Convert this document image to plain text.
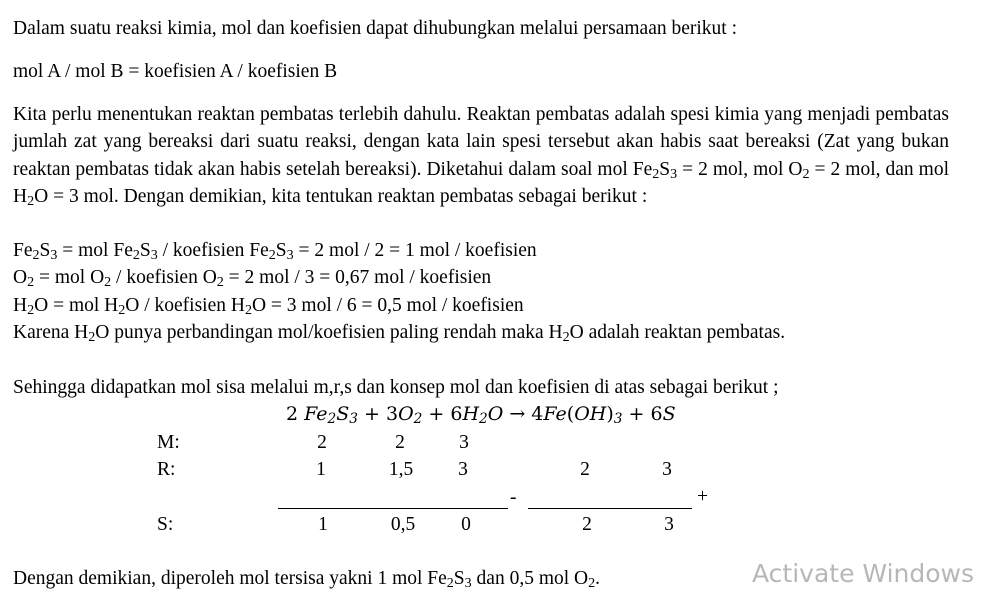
Dalam suatu reaksi kimia, mol dan koefisien dapat dihubungkan melalui persamaan berikut :
mol A / mol B = koefisien A / koefisien B
Kita perlu menentukan reaktan pembatas terlebih dahulu. Reaktan pembatas adalah spesi kimia yang menjadi pembatas jumlah zat yang bereaksi dari suatu reaksi, dengan kata lain spesi tersebut akan habis saat bereaksi (Zat yang bukan reaktan pembatas tidak akan habis setelah bereaksi). Diketahui dalam soal mol $Fe_2S_3 = 2$ mol, mol $O_2 = 2$ mol, dan mol $H_2O = 3$ mol. Dengan demikian, kita tentukan reaktan pembatas sebagai berikut :
$Fe_2S_3$ = mol $Fe_2S_3$ / koefisien $Fe_2S_3 = 2$ mol / 2 = 1 mol / koefisien
$O_2$ = mol $O_2$ / koefisien $O_2 = 2$ mol / 3 = 0,67 mol / koefisien
$H_2O$ = mol $H_2O$ / koefisien $H_2O = 3$ mol / 6 = 0,5 mol / koefisien
Karena $H_2O$ punya perbandingan mol/koefisien paling rendah maka $H_2O$ adalah reaktan pembatas.
Sehingga didapatkan mol sisa melalui m,r,s dan konsep mol dan koefisien di atas sebagai berikut ;
2 $Fe_2S_3 + 3O_2 + 6H_2O \to 4Fe(OH)_3 + 6S$
M:	2	2	3
R:	1	1,5	3	2	3
-	+
S:	1	0,5	0	2	3
Dengan demikian, diperoleh mol tersisa yakni 1 mol $Fe_2S_3$ dan 0,5 mol $O_2$.	Activate Windows
